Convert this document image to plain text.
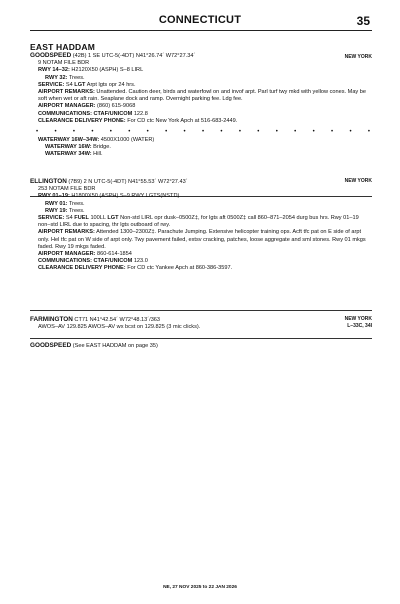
CONNECTICUT	35
EAST HADDAM
NEW YORK
GOODSPEED (42B) 1 SE UTC-5(-4DT) N41°26.74´ W72°27.34´
9 NOTAM FILE BDR
RWY 14–32: H2120X50 (ASPH) S–8 LIRL
RWY 32: Trees.
SERVICE: S4 LGT Arpt lgts opr 24 hrs.
AIRPORT REMARKS: Unattended. Caution deer, birds and waterfowl on and invof arpt. Parl turf twy mkd with yellow cones. May be soft when wet or aft rain. Seaplane dock and ramp. Overnight parking fee. Ldg fee.
AIRPORT MANAGER: (860) 615-9068
COMMUNICATIONS: CTAF/UNICOM 122.8
CLEARANCE DELIVERY PHONE: For CD ctc New York Apch at 516-683-2449.
•	•	•	•	•	•	•	•	•	•	•	•	•	•	•	•	•	•	•
WATERWAY 16W–34W: 4500X1000 (WATER)
WATERWAY 16W: Bridge.
WATERWAY 34W: Hill.
NEW YORK
ELLINGTON (7B9) 2 N UTC-5(-4DT) N41°55.53´ W72°27.43´
253 NOTAM FILE BDR
RWY 01–19: H1800X50 (ASPH) S–9 RWY LGTS(NSTD)
RWY 01: Trees.
RWY 19: Trees.
SERVICE: S4 FUEL 100LL LGT Non-std LIRL opr dusk–0500Z‡, for lgts aft 0500Z‡ call 860–871–2054 durg bus hrs. Rwy 01–19 non–std LIRL due to spacing, thr lgts outboard of rwy.
AIRPORT REMARKS: Attended 1300–2300Z‡. Parachute Jumping. Extensive helicopter training ops. Acft tfc pat on E side of arpt only. Hel tfc pat on W side of arpt only. Twy pavement failed, extsv cracking, patches, loose aggregate and sml stones. Rwy 01 mkgs faded. Rwy 19 mkgs faded.
AIRPORT MANAGER: 860-614-1854
COMMUNICATIONS: CTAF/UNICOM 123.0
CLEARANCE DELIVERY PHONE: For CD ctc Yankee Apch at 860-386-3597.
NEW YORK
L–33C, 34I
FARMINGTON CT71 N41°42.54´ W72°48.13´/363
AWOS–AV 129.825 AWOS–AV wx bcst on 129.825 (3 mic clicks).
GOODSPEED (See EAST HADDAM on page 35)
NE, 27 NOV 2025 to 22 JAN 2026
